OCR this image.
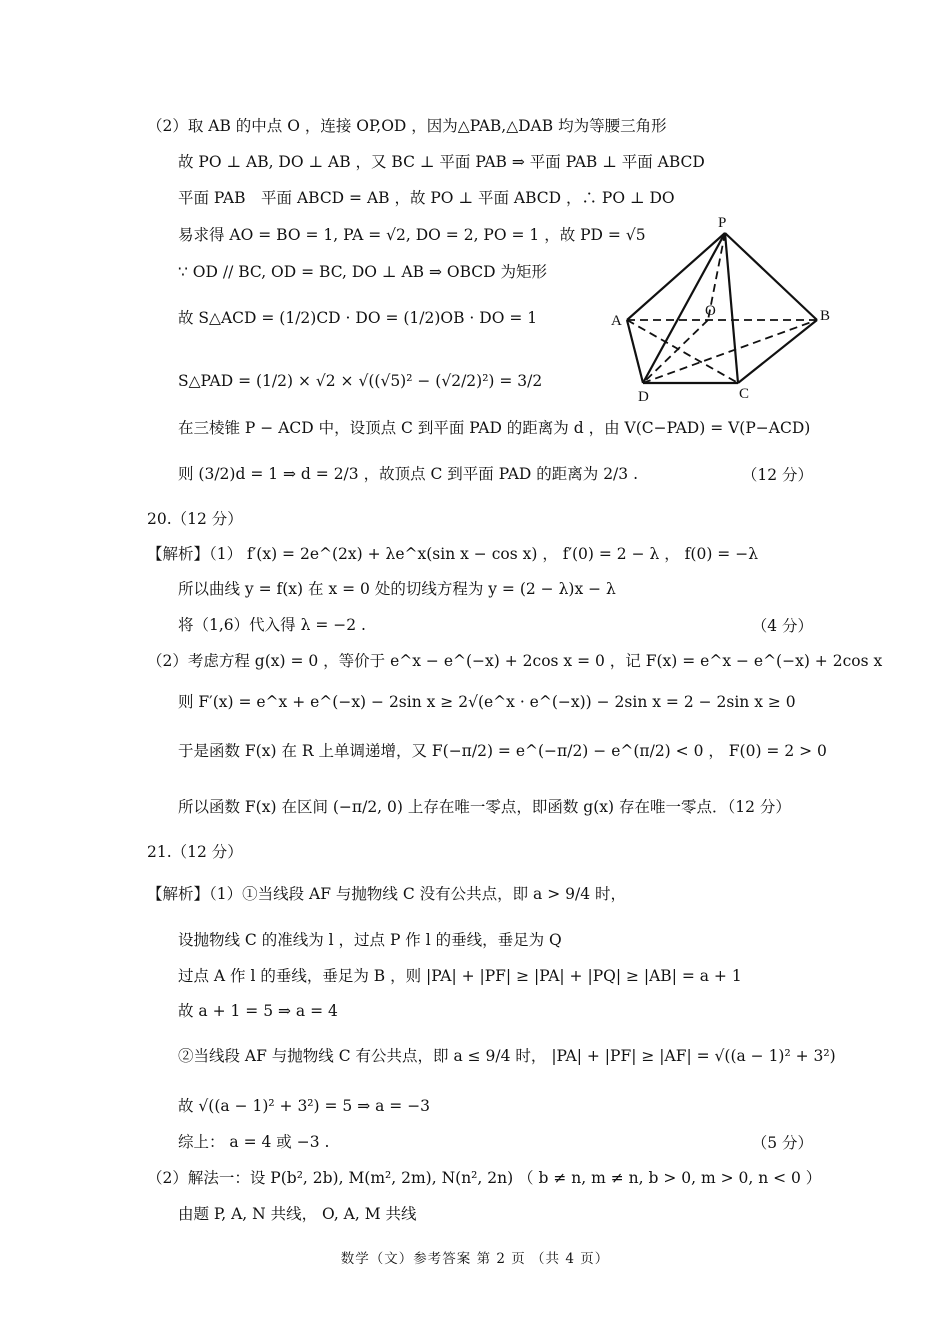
（2）取 AB 的中点 O ，连接 OP,OD ，因为△PAB,△DAB 均为等腰三角形
故 PO ⊥ AB, DO ⊥ AB ，又 BC ⊥ 平面 PAB ⇒ 平面 PAB ⊥ 平面 ABCD
平面 PAB　平面 ABCD = AB ，故 PO ⊥ 平面 ABCD ，∴ PO ⊥ DO
易求得 AO = BO = 1, PA = √2, DO = 2, PO = 1 ，故 PD = √5
∵ OD // BC, OD = BC, DO ⊥ AB ⇒ OBCD 为矩形
故 S△ACD = (1/2)CD · DO = (1/2)OB · DO = 1
S△PAD = (1/2) × √2 × √((√5)² − (√2/2)²) = 3/2
在三棱锥 P − ACD 中，设顶点 C 到平面 PAD 的距离为 d ，由 V(C−PAD) = V(P−ACD)
则 (3/2)d = 1 ⇒ d = 2/3 ，故顶点 C 到平面 PAD 的距离为 2/3 .	（12 分）
20.（12 分）
【解析】（1） f′(x) = 2e^(2x) + λe^x(sin x − cos x) ， f′(0) = 2 − λ ， f(0) = −λ
所以曲线 y = f(x) 在 x = 0 处的切线方程为 y = (2 − λ)x − λ
将（1,6）代入得 λ = −2 .	（4 分）
（2）考虑方程 g(x) = 0 ，等价于 e^x − e^(−x) + 2cos x = 0 ，记 F(x) = e^x − e^(−x) + 2cos x
则 F′(x) = e^x + e^(−x) − 2sin x ≥ 2√(e^x · e^(−x)) − 2sin x = 2 − 2sin x ≥ 0
于是函数 F(x) 在 R 上单调递增，又 F(−π/2) = e^(−π/2) − e^(π/2) < 0 ， F(0) = 2 > 0
所以函数 F(x) 在区间 (−π/2, 0) 上存在唯一零点，即函数 g(x) 存在唯一零点．（12 分）
21.（12 分）
【解析】（1）①当线段 AF 与抛物线 C 没有公共点，即 a > 9/4 时，
设抛物线 C 的准线为 l ，过点 P 作 l 的垂线，垂足为 Q
过点 A 作 l 的垂线，垂足为 B ，则 |PA| + |PF| ≥ |PA| + |PQ| ≥ |AB| = a + 1
故 a + 1 = 5 ⇒ a = 4
②当线段 AF 与抛物线 C 有公共点，即 a ≤ 9/4 时， |PA| + |PF| ≥ |AF| = √((a − 1)² + 3²)
故 √((a − 1)² + 3²) = 5 ⇒ a = −3
综上： a = 4 或 −3 .	（5 分）
（2）解法一：设 P(b², 2b), M(m², 2m), N(n², 2n) （ b ≠ n, m ≠ n, b > 0, m > 0, n < 0 ）
由题 P, A, N 共线， O, A, M 共线
P
A
O	B
D	C
数学（文）参考答案 第 2 页 （共 4 页）
